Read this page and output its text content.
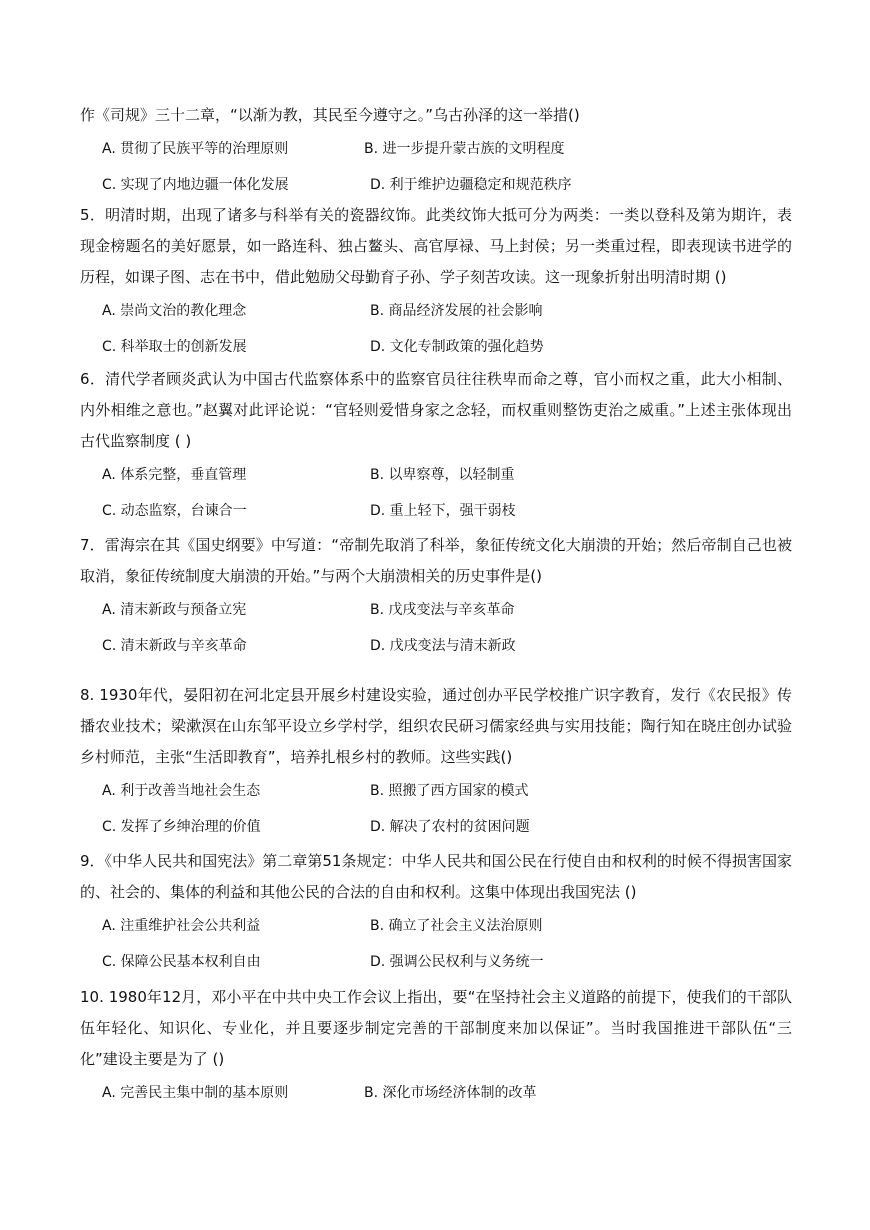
作《司规》三十二章，“以渐为教，其民至今遵守之。”乌古孙泽的这一举措()

A. 贯彻了民族平等的治理原则	B. 进一步提升蒙古族的文明程度
C. 实现了内地边疆一体化发展	D. 利于维护边疆稳定和规范秩序

5．明清时期，出现了诸多与科举有关的瓷器纹饰。此类纹饰大抵可分为两类：一类以登科及第为期许，表现金榜题名的美好愿景，如一路连科、独占鳌头、高官厚禄、马上封侯；另一类重过程，即表现读书进学的历程，如课子图、志在书中，借此勉励父母勤育子孙、学子刻苦攻读。这一现象折射出明清时期 ()

A. 崇尚文治的教化理念	B. 商品经济发展的社会影响
C. 科举取士的创新发展	D. 文化专制政策的强化趋势

6．清代学者顾炎武认为中国古代监察体系中的监察官员往往秩卑而命之尊，官小而权之重，此大小相制、内外相维之意也。”赵翼对此评论说：“官轻则爱惜身家之念轻，而权重则整饬吏治之威重。”上述主张体现出古代监察制度 ( )

A. 体系完整，垂直管理	B. 以卑察尊，以轻制重
C. 动态监察，台谏合一	D. 重上轻下，强干弱枝

7．雷海宗在其《国史纲要》中写道：“帝制先取消了科举，象征传统文化大崩溃的开始；然后帝制自己也被取消，象征传统制度大崩溃的开始。”与两个大崩溃相关的历史事件是()

A. 清末新政与预备立宪	B. 戊戌变法与辛亥革命
C. 清末新政与辛亥革命	D. 戊戌变法与清末新政

8. 1930年代，晏阳初在河北定县开展乡村建设实验，通过创办平民学校推广识字教育，发行《农民报》传播农业技术；梁漱溟在山东邹平设立乡学村学，组织农民研习儒家经典与实用技能；陶行知在晓庄创办试验乡村师范，主张“生活即教育”，培养扎根乡村的教师。这些实践()

A. 利于改善当地社会生态	B. 照搬了西方国家的模式
C. 发挥了乡绅治理的价值	D. 解决了农村的贫困问题

9．《中华人民共和国宪法》第二章第51条规定：中华人民共和国公民在行使自由和权利的时候不得损害国家的、社会的、集体的利益和其他公民的合法的自由和权利。这集中体现出我国宪法 ()

A. 注重维护社会公共利益	B. 确立了社会主义法治原则
C. 保障公民基本权利自由	D. 强调公民权利与义务统一

10. 1980年12月，邓小平在中共中央工作会议上指出，要“在坚持社会主义道路的前提下，使我们的干部队伍年轻化、知识化、专业化，并且要逐步制定完善的干部制度来加以保证”。当时我国推进干部队伍“三化”建设主要是为了 ()

A. 完善民主集中制的基本原则	B. 深化市场经济体制的改革
